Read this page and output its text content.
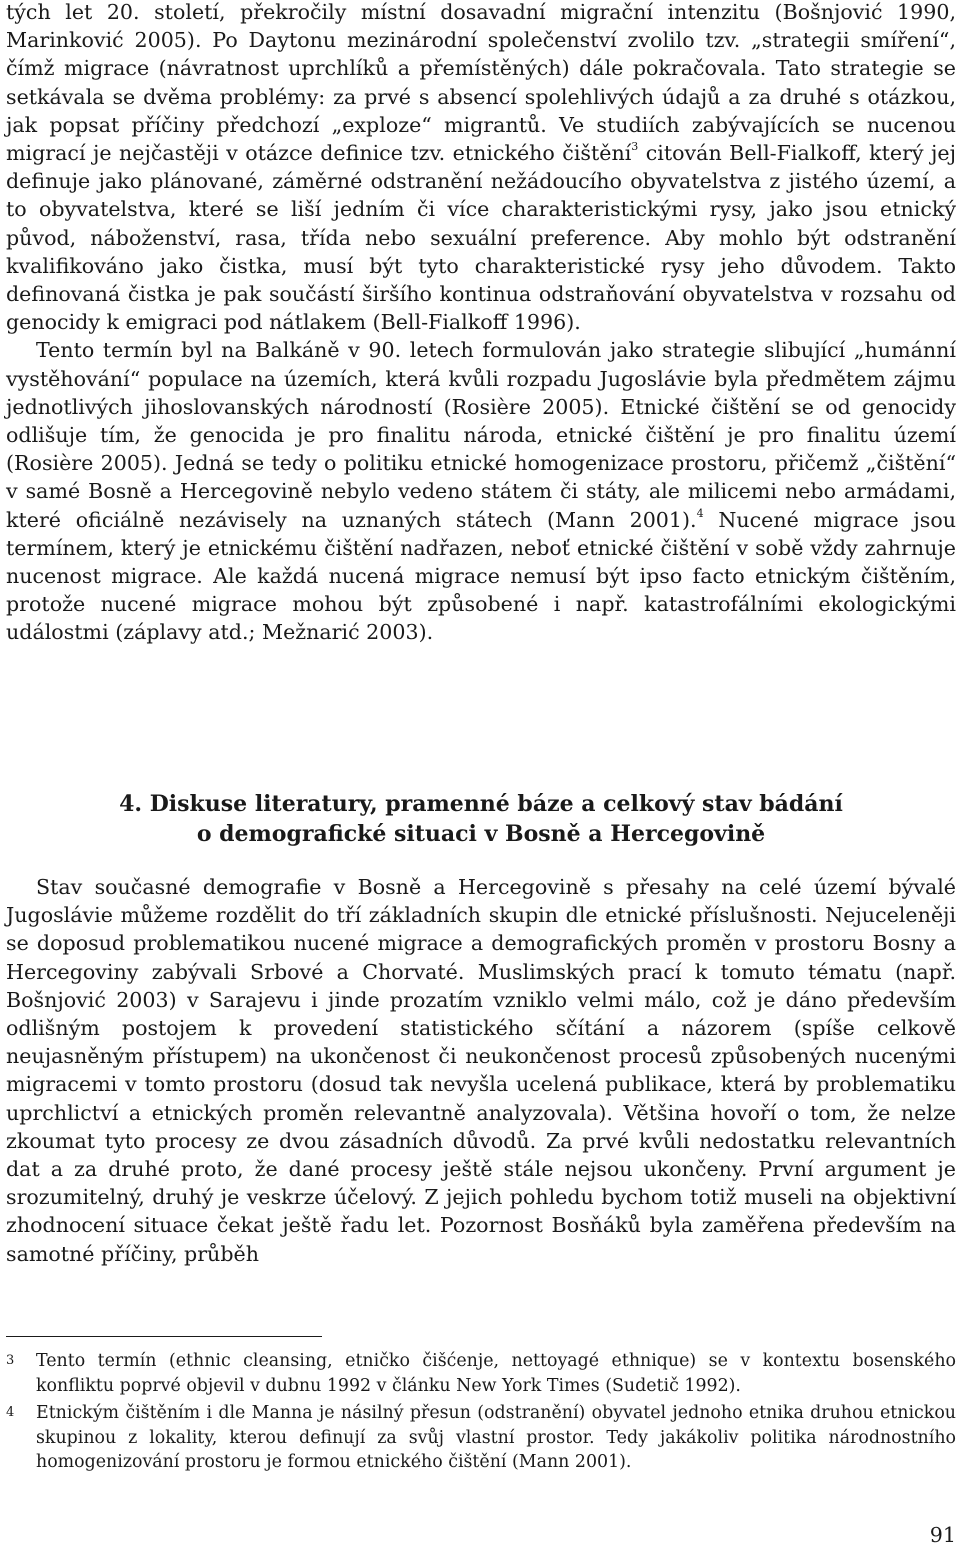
tých let 20. století, překročily místní dosavadní migrační intenzitu (Bošnjović 1990, Marinković 2005). Po Daytonu mezinárodní společenství zvolilo tzv. „strategii smíření“, čímž migrace (návratnost uprchlíků a přemístěných) dále pokračovala. Tato strategie se setkávala se dvěma problémy: za prvé s absencí spolehlivých údajů a za druhé s otázkou, jak popsat příčiny předchozí „exploze“ migrantů. Ve studiích zabývajících se nucenou migrací je nejčastěji v otázce definice tzv. etnického čištění$^3$ citován Bell-Fialkoff, který jej definuje jako plánované, záměrné odstranění nežádoucího obyvatelstva z jistého území, a to obyvatelstva, které se liší jedním či více charakteristickými rysy, jako jsou etnický původ, náboženství, rasa, třída nebo sexuální preference. Aby mohlo být odstranění kvalifikováno jako čistka, musí být tyto charakteristické rysy jeho důvodem. Takto definovaná čistka je pak součástí širšího kontinua odstraňování obyvatelstva v rozsahu od genocidy k emigraci pod nátlakem (Bell-Fialkoff 1996).

Tento termín byl na Balkáně v 90. letech formulován jako strategie slibující „humánní vystěhování“ populace na územích, která kvůli rozpadu Jugoslávie byla předmětem zájmu jednotlivých jihoslovanských národností (Rosière 2005). Etnické čištění se od genocidy odlišuje tím, že genocida je pro finalitu národa, etnické čištění je pro finalitu území (Rosière 2005). Jedná se tedy o politiku etnické homogenizace prostoru, přičemž „čištění“ v samé Bosně a Hercegovině nebylo vedeno státem či státy, ale milicemi nebo armádami, které oficiálně nezávisely na uznaných státech (Mann 2001).$^4$ Nucené migrace jsou termínem, který je etnickému čištění nadřazen, neboť etnické čištění v sobě vždy zahrnuje nucenost migrace. Ale každá nucená migrace nemusí být ipso facto etnickým čištěním, protože nucené migrace mohou být způsobené i např. katastrofálními ekologickými událostmi (záplavy atd.; Mežnarić 2003).

4. Diskuse literatury, pramenné báze a celkový stav bádání
o demografické situaci v Bosně a Hercegovině

Stav současné demografie v Bosně a Hercegovině s přesahy na celé území bývalé Jugoslávie můžeme rozdělit do tří základních skupin dle etnické příslušnosti. Nejuceleněji se doposud problematikou nucené migrace a demografických proměn v prostoru Bosny a Hercegoviny zabývali Srbové a Chorvaté. Muslimských prací k tomuto tématu (např. Bošnjović 2003) v Sarajevu i jinde prozatím vzniklo velmi málo, což je dáno především odlišným postojem k provedení statistického sčítání a názorem (spíše celkově neujasněným přístupem) na ukončenost či neukončenost procesů způsobených nucenými migracemi v tomto prostoru (dosud tak nevyšla ucelená publikace, která by problematiku uprchlictví a etnických proměn relevantně analyzovala). Většina hovoří o tom, že nelze zkoumat tyto procesy ze dvou zásadních důvodů. Za prvé kvůli nedostatku relevantních dat a za druhé proto, že dané procesy ještě stále nejsou ukončeny. První argument je srozumitelný, druhý je veskrze účelový. Z jejich pohledu bychom totiž museli na objektivní zhodnocení situace čekat ještě řadu let. Pozornost Bosňáků byla zaměřena především na samotné příčiny, průběh

3 Tento termín (ethnic cleansing, etničko čišćenje, nettoyagé ethnique) se v kontextu bosenského konfliktu poprvé objevil v dubnu 1992 v článku New York Times (Sudetič 1992).

4 Etnickým čištěním i dle Manna je násilný přesun (odstranění) obyvatel jednoho etnika druhou etnickou skupinou z lokality, kterou definují za svůj vlastní prostor. Tedy jakákoliv politika národnostního homogenizování prostoru je formou etnického čištění (Mann 2001).

91
